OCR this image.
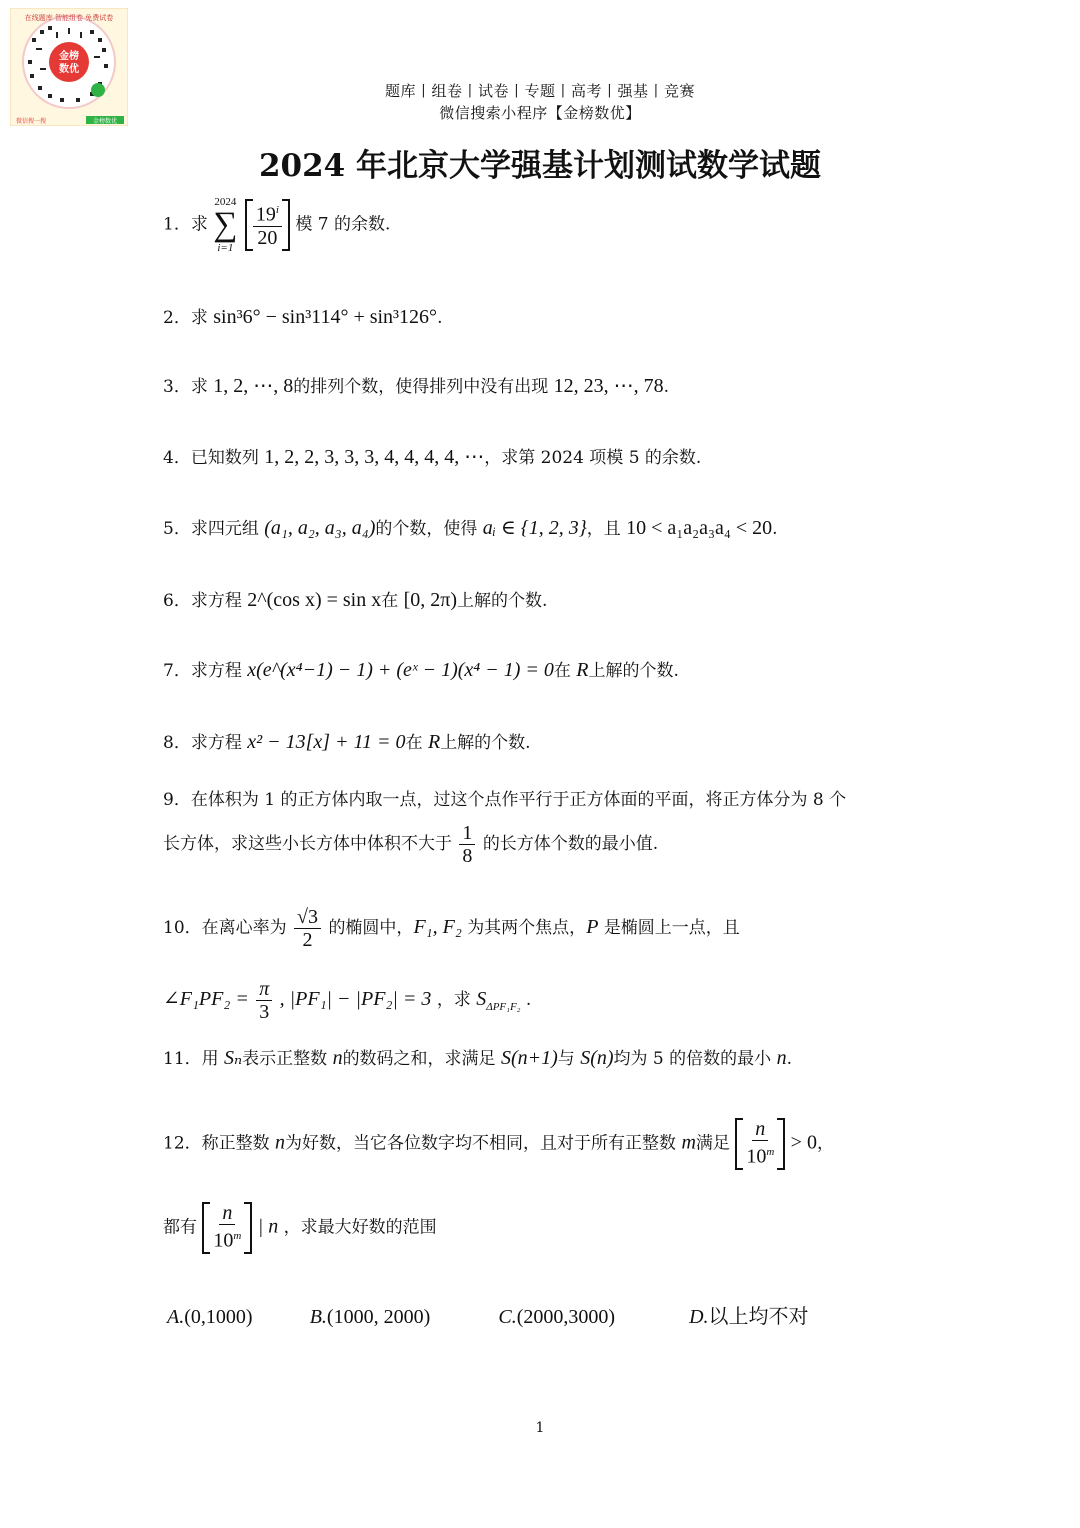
金榜
数优
微信搜一搜	金榜数优
在线题库 智能组卷 免费试卷
题库丨组卷丨试卷丨专题丨高考丨强基丨竞赛
微信搜索小程序【金榜数优】
2024 年北京大学强基计划测试数学试题
1．求
2024
∑
i=1
$\frac{19^i}{20}$ 模 7 的余数.
2．求 sin³6° − sin³114° + sin³126°.
3．求 1, 2, ⋯, 8的排列个数，使得排列中没有出现 12, 23, ⋯, 78.
4．已知数列 1, 2, 2, 3, 3, 3, 4, 4, 4, 4, ⋯，求第 2024 项模 5 的余数.
5．求四元组 (a₁, a₂, a₃, a₄)的个数，使得 aᵢ ∈ {1, 2, 3}，且 10 < a₁a₂a₃a₄ < 20.
6．求方程 2^(cos x) = sin x在 [0, 2π)上解的个数.
7．求方程 x(e^(x⁴−1) − 1) + (eˣ − 1)(x⁴ − 1) = 0在 R上解的个数.
8．求方程 x² − 13[x] + 11 = 0在 R上解的个数.
9．在体积为 1 的正方体内取一点，过这个点作平行于正方体面的平面，将正方体分为 8 个
长方体，求这些小长方体中体积不大于 $\frac{1}{8}$ 的长方体个数的最小值.
10．在离心率为 $\frac{√3}{2}$ 的椭圆中，F₁, F₂ 为其两个焦点，P 是椭圆上一点，且
∠F₁PF₂ = $\frac{\pi}{3}$ , |PF₁| − |PF₂| = 3 ，求 $S_{\Delta PF_1F_2}$ .
11．用 Sₙ表示正整数 n的数码之和，求满足 S(n+1)与 S(n)均为 5 的倍数的最小 n.
12．称正整数 n为好数，当它各位数字均不相同，且对于所有正整数 m满足 $\frac{n}{10^m} > 0$，
都有 $\frac{n}{10^m}$ | n ，求最大好数的范围
A.(0,1000)	B.(1000, 2000)	C.(2000,3000)	D.以上均不对
1
